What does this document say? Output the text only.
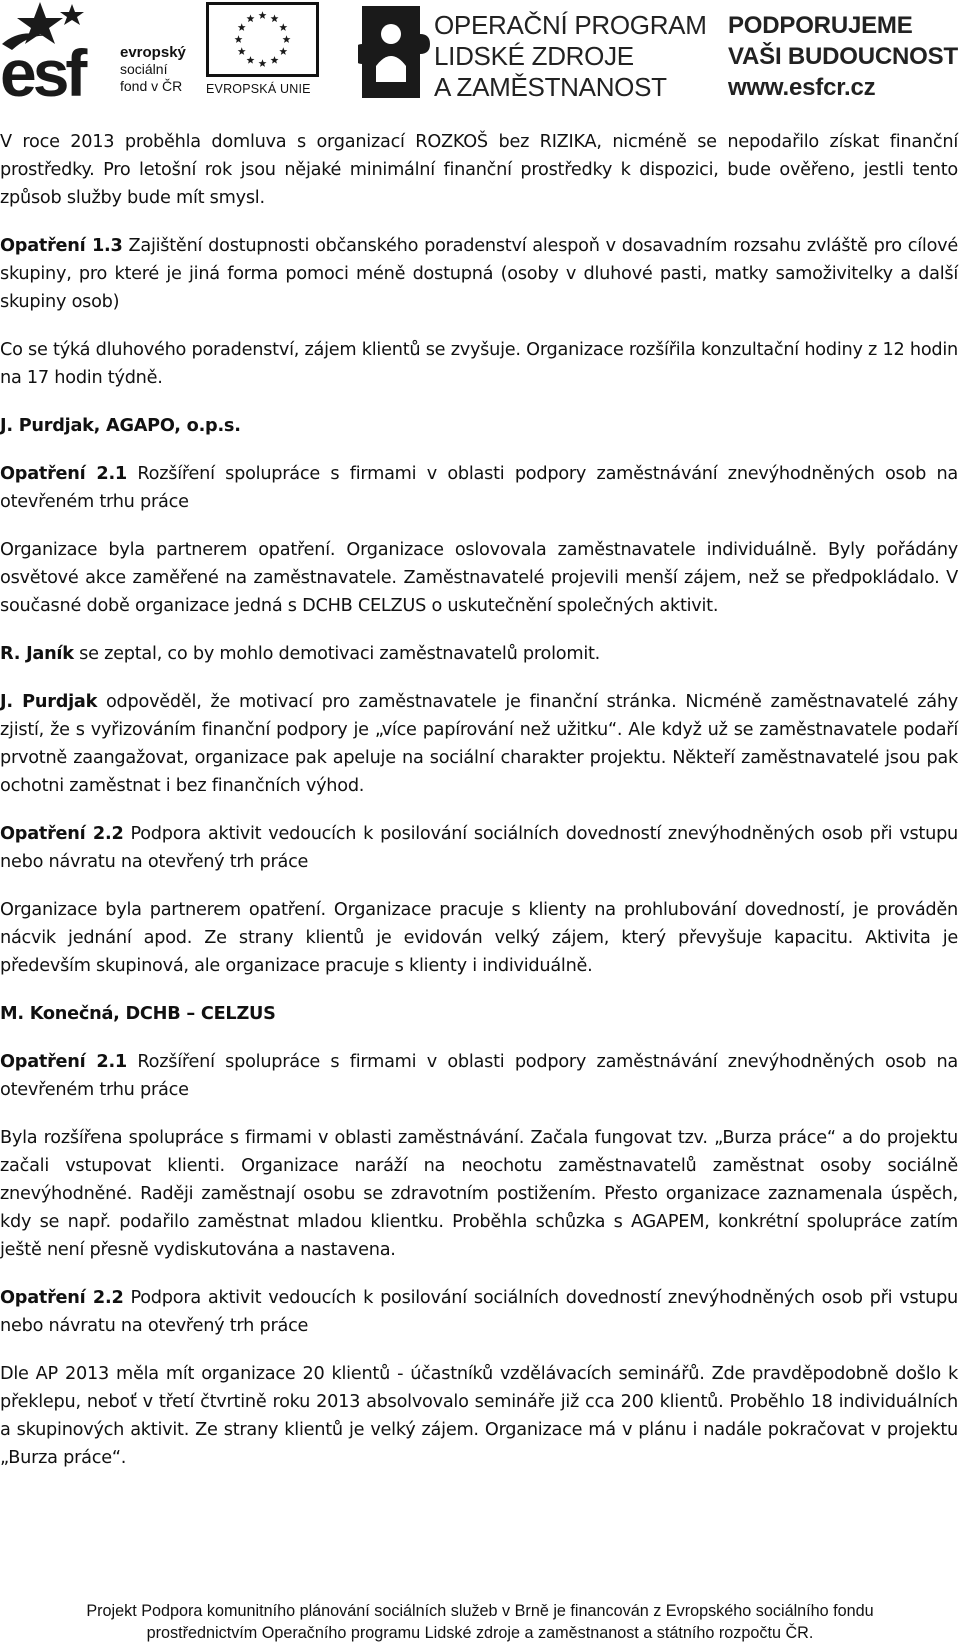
esf	evropský
sociální
fond v ČR EVROPSKÁ UNIE
OPERAČNÍ PROGRAM
LIDSKÉ ZDROJE
A ZAMĚSTNANOST
PODPORUJEME
VAŠI BUDOUCNOST
www.esfcr.cz

V roce 2013 proběhla domluva s organizací ROZKOŠ bez RIZIKA, nicméně se nepodařilo získat finanční prostředky. Pro letošní rok jsou nějaké minimální finanční prostředky k dispozici, bude ověřeno, jestli tento způsob služby bude mít smysl.

Opatření 1.3 Zajištění dostupnosti občanského poradenství alespoň v dosavadním rozsahu zvláště pro cílové skupiny, pro které je jiná forma pomoci méně dostupná (osoby v dluhové pasti, matky samoživitelky a další skupiny osob)

Co se týká dluhového poradenství, zájem klientů se zvyšuje. Organizace rozšířila konzultační hodiny z 12 hodin na 17 hodin týdně.

J. Purdjak, AGAPO, o.p.s.

Opatření 2.1 Rozšíření spolupráce s firmami v oblasti podpory zaměstnávání znevýhodněných osob na otevřeném trhu práce

Organizace byla partnerem opatření. Organizace oslovovala zaměstnavatele individuálně. Byly pořádány osvětové akce zaměřené na zaměstnavatele. Zaměstnavatelé projevili menší zájem, než se předpokládalo. V současné době organizace jedná s DCHB CELZUS o uskutečnění společných aktivit.

R. Janík se zeptal, co by mohlo demotivaci zaměstnavatelů prolomit.

J. Purdjak odpověděl, že motivací pro zaměstnavatele je finanční stránka. Nicméně zaměstnavatelé záhy zjistí, že s vyřizováním finanční podpory je „více papírování než užitku“. Ale když už se zaměstnavatele podaří prvotně zaangažovat, organizace pak apeluje na sociální charakter projektu. Někteří zaměstnavatelé jsou pak ochotni zaměstnat i bez finančních výhod.

Opatření 2.2 Podpora aktivit vedoucích k posilování sociálních dovedností znevýhodněných osob při vstupu nebo návratu na otevřený trh práce

Organizace byla partnerem opatření. Organizace pracuje s klienty na prohlubování dovedností, je prováděn nácvik jednání apod. Ze strany klientů je evidován velký zájem, který převyšuje kapacitu. Aktivita je především skupinová, ale organizace pracuje s klienty i individuálně.

M. Konečná, DCHB – CELZUS

Opatření 2.1 Rozšíření spolupráce s firmami v oblasti podpory zaměstnávání znevýhodněných osob na otevřeném trhu práce

Byla rozšířena spolupráce s firmami v oblasti zaměstnávání. Začala fungovat tzv. „Burza práce“ a do projektu začali vstupovat klienti. Organizace naráží na neochotu zaměstnavatelů zaměstnat osoby sociálně znevýhodněné. Raději zaměstnají osobu se zdravotním postižením. Přesto organizace zaznamenala úspěch, kdy se např. podařilo zaměstnat mladou klientku. Proběhla schůzka s AGAPEM, konkrétní spolupráce zatím ještě není přesně vydiskutována a nastavena.

Opatření 2.2 Podpora aktivit vedoucích k posilování sociálních dovedností znevýhodněných osob při vstupu nebo návratu na otevřený trh práce

Dle AP 2013 měla mít organizace 20 klientů - účastníků vzdělávacích seminářů. Zde pravděpodobně došlo k překlepu, neboť v třetí čtvrtině roku 2013 absolvovalo semináře již cca 200 klientů. Proběhlo 18 individuálních a skupinových aktivit. Ze strany klientů je velký zájem. Organizace má v plánu i nadále pokračovat v projektu „Burza práce“.

Projekt Podpora komunitního plánování sociálních služeb v Brně je financován z Evropského sociálního fondu
prostřednictvím Operačního programu Lidské zdroje a zaměstnanost a státního rozpočtu ČR.
